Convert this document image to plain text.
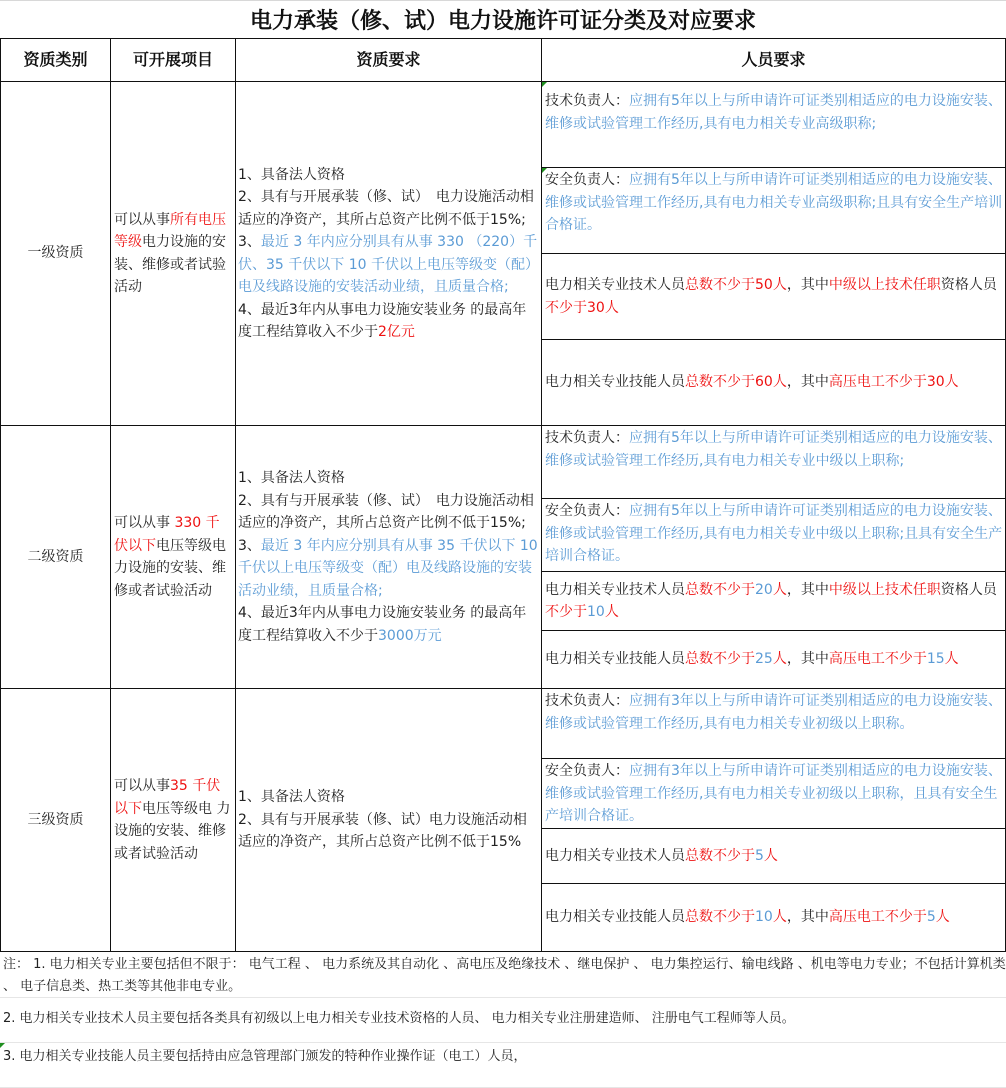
电力承装（修、试）电力设施许可证分类及对应要求
资质类别	可开展项目	资质要求	人员要求
一级资质	可以从事所有电压等级电力设施的安装、维修或者试验活动	1、具备法人资格
2、具有与开展承装（修、试）　电力设施活动相适应的净资产，其所占总资产比例不低于15%;
3、最近 3 年内应分别具有从事 330 （220）千伏、35 千伏以下 10 千伏以上电压等级变（配）电及线路设施的安装活动业绩，且质量合格;
4、最近3年内从事电力设施安装业务 的最高年度工程结算收入不少于2亿元	技术负责人：应拥有5年以上与所申请许可证类别相适应的电力设施安装、维修或试验管理工作经历,具有电力相关专业高级职称;
			安全负责人：应拥有5年以上与所申请许可证类别相适应的电力设施安装、维修或试验管理工作经历,具有电力相关专业高级职称;且具有安全生产培训合格证。
			电力相关专业技术人员总数不少于50人，其中中级以上技术任职资格人员不少于30人
			电力相关专业技能人员总数不少于60人，其中高压电工不少于30人
二级资质	可以从事 330 千伏以下电压等级电 力设施的安装、维修或者试验活动	1、具备法人资格
2、具有与开展承装（修、试）　电力设施活动相适应的净资产，其所占总资产比例不低于15%;
3、最近 3 年内应分别具有从事 35 千伏以下 10 千伏以上电压等级变（配）电及线路设施的安装活动业绩，且质量合格;
4、最近3年内从事电力设施安装业务 的最高年度工程结算收入不少于3000万元	技术负责人：应拥有5年以上与所申请许可证类别相适应的电力设施安装、维修或试验管理工作经历,具有电力相关专业中级以上职称;
			安全负责人：应拥有5年以上与所申请许可证类别相适应的电力设施安装、维修或试验管理工作经历,具有电力相关专业中级以上职称;且具有安全生产培训合格证。
			电力相关专业技术人员总数不少于20人，其中中级以上技术任职资格人员不少于10人
			电力相关专业技能人员总数不少于25人，其中高压电工不少于15人
三级资质	可以从事35 千伏以下电压等级电 力设施的安装、维修或者试验活动	1、具备法人资格
2、具有与开展承装（修、试）电力设施活动相适应的净资产，其所占总资产比例不低于15%	技术负责人：应拥有3年以上与所申请许可证类别相适应的电力设施安装、维修或试验管理工作经历,具有电力相关专业初级以上职称。
			安全负责人：应拥有3年以上与所申请许可证类别相适应的电力设施安装、维修或试验管理工作经历,具有电力相关专业初级以上职称，且具有安全生产培训合格证。
			电力相关专业技术人员总数不少于5人
			电力相关专业技能人员总数不少于10人，其中高压电工不少于5人
注： 1. 电力相关专业主要包括但不限于： 电气工程 、 电力系统及其自动化 、高电压及绝缘技术 、继电保护 、 电力集控运行、输电线路 、机电等电力专业；不包括计算机类 、 电子信息类、热工类等其他非电专业。
2. 电力相关专业技术人员主要包括各类具有初级以上电力相关专业技术资格的人员、 电力相关专业注册建造师、 注册电气工程师等人员。
3. 电力相关专业技能人员主要包括持由应急管理部门颁发的特种作业操作证（电工）人员，
